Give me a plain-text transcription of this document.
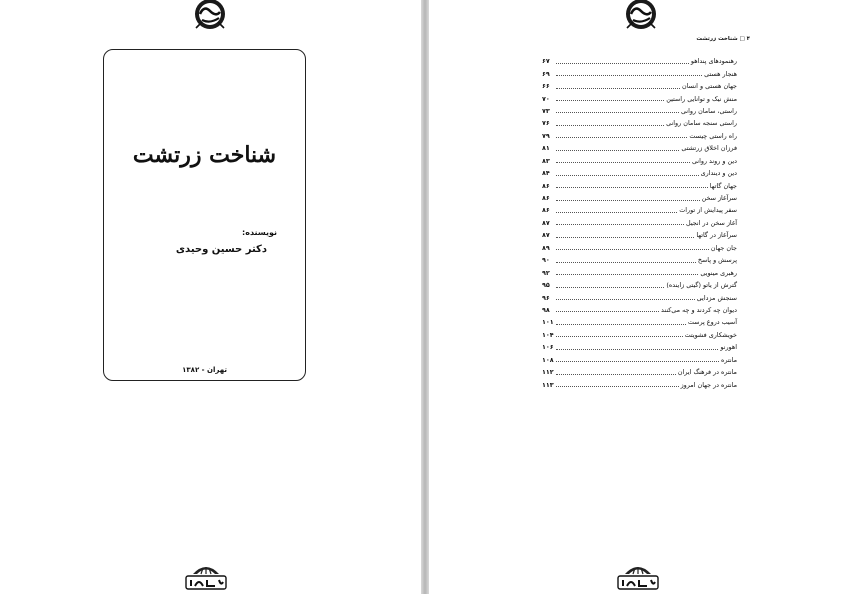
شناخت زرتشت
نویسنده:
دکتر حسین وحیدی
تهران - ۱۳۸۲
۴ □ شناخت زرتشت
رهنمودهای پنداهو
۶۷
هنجار هستی
۶۹
جهان هستی و انسان
۶۶
منش نیک و توانایی راستین
۷۰
راستی، سامان روانی
۷۳
راستی سنجه سامان روانی
۷۶
راه راستی چیست
۷۹
فرزان اخلاق زرتشتی
۸۱
دین و روند روانی
۸۳
دین و دینداری
۸۴
جهان گاتها
۸۶
سرآغاز سخن
۸۶
سفر پیدایش از تورات
۸۶
آغاز سخن در انجیل
۸۷
سرآغاز در گاتها
۸۷
جان جهان
۸۹
پرسش و پاسخ
۹۰
رهبری مینویی
۹۲
گترش از یاتو (گیتی زاینده)
۹۵
سنجش مزدایی
۹۶
دیوان چه کردند و چه می‌کنند
۹۸
آسیب دروغ پرست
۱۰۱
خویشکاری فشویتت
۱۰۴
اهورنو
۱۰۶
مانتره
۱۰۸
مانتره در فرهنگ ایران
۱۱۲
مانتره در جهان امروز
۱۱۳
